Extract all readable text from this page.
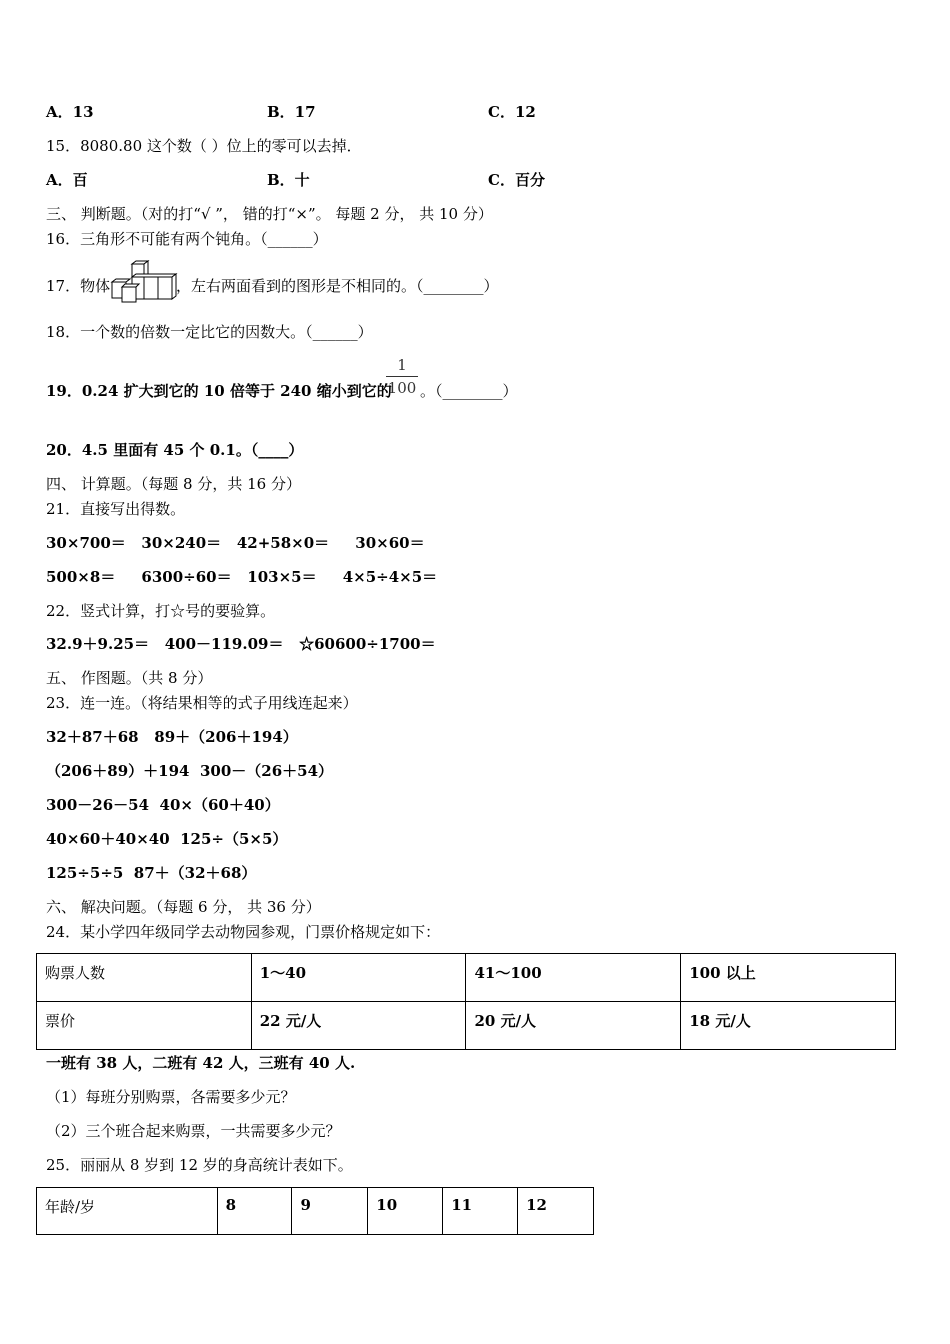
A．13	B．17	C．12
15．8080.80 这个数（ ）位上的零可以去掉．
A．百	B．十	C．百分
三、 判断题。（对的打“√ ”， 错的打“×”。 每题 2 分， 共 10 分）
16．三角形不可能有两个钝角。（______）
17．物体	，左右两面看到的图形是不相同的。（________）
18．一个数的倍数一定比它的因数大。（______）
19．0.24 扩大到它的 10 倍等于 240 缩小到它的
1
100 。（________）
20．4.5 里面有 45 个 0.1。（____）
四、 计算题。（每题 8 分，共 16 分）
21．直接写出得数。
30×700＝   30×240＝   42+58×0＝     30×60＝
500×8＝     6300÷60＝   103×5＝     4×5÷4×5＝
22．竖式计算，打☆号的要验算。
32.9＋9.25＝   400－119.09＝   ☆60600÷1700＝
五、 作图题。（共 8 分）
23．连一连。（将结果相等的式子用线连起来）
32＋87＋68   89＋（206＋194）
（206＋89）＋194  300－（26＋54）
300－26－54  40×（60＋40）
40×60＋40×40  125÷（5×5）
125÷5÷5  87＋（32＋68）
六、 解决问题。（每题 6 分， 共 36 分）
24．某小学四年级同学去动物园参观，门票价格规定如下：
购票人数	1～40	41～100	100 以上
票价	22 元/人	20 元/人	18 元/人
一班有 38 人，二班有 42 人，三班有 40 人.
（1）每班分别购票，各需要多少元？
（2）三个班合起来购票，一共需要多少元？
25．丽丽从 8 岁到 12 岁的身高统计表如下。
年龄/岁	8	9	10	11	12
